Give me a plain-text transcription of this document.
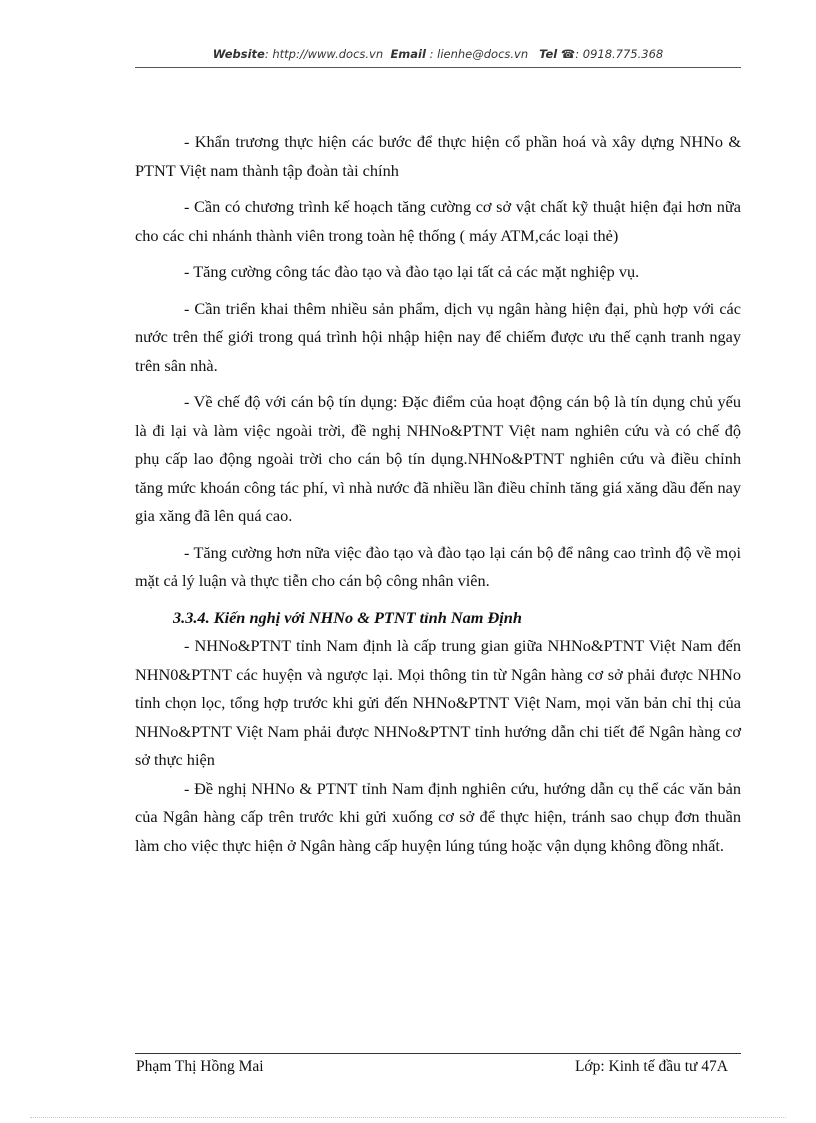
Website: http://www.docs.vn Email : lienhe@docs.vn Tel ☎: 0918.775.368

- Khẩn trương thực hiện các bước để thực hiện cổ phần hoá và xây dựng NHNo & PTNT Việt nam thành tập đoàn tài chính

- Cần có chương trình kế hoạch tăng cường cơ sở vật chất kỹ thuật hiện đại hơn nữa cho các chi nhánh thành viên trong toàn hệ thống ( máy ATM,các loại thẻ)

- Tăng cường công tác đào tạo và đào tạo lại tất cả các mặt nghiệp vụ.

- Cần triển khai thêm nhiều sản phẩm, dịch vụ ngân hàng hiện đại, phù hợp với các nước trên thế giới trong quá trình hội nhập hiện nay để chiếm được ưu thế cạnh tranh ngay trên sân nhà.

- Về chế độ với cán bộ tín dụng: Đặc điểm của hoạt động cán bộ là tín dụng chủ yếu là đi lại và làm việc ngoài trời, đề nghị NHNo&PTNT Việt nam nghiên cứu và có chế độ phụ cấp lao động ngoài trời cho cán bộ tín dụng.NHNo&PTNT nghiên cứu và điều chỉnh tăng mức khoán công tác phí, vì nhà nước đã nhiều lần điều chỉnh tăng giá xăng dầu đến nay gia xăng đã lên quá cao.

- Tăng cường hơn nữa việc đào tạo và đào tạo lại cán bộ để nâng cao trình độ về mọi mặt cả lý luận và thực tiễn cho cán bộ công nhân viên.

3.3.4. Kiến nghị với NHNo & PTNT tỉnh Nam Định

- NHNo&PTNT tỉnh Nam định là cấp trung gian giữa NHNo&PTNT Việt Nam đến NHN0&PTNT các huyện và ngược lại. Mọi thông tin từ Ngân hàng cơ sở phải được NHNo tỉnh chọn lọc, tổng hợp trước khi gửi đến NHNo&PTNT Việt Nam, mọi văn bản chỉ thị của NHNo&PTNT Việt Nam phải được NHNo&PTNT tỉnh hướng dẫn chi tiết để Ngân hàng cơ sở thực hiện

- Đề nghị NHNo & PTNT tỉnh Nam định nghiên cứu, hướng dẫn cụ thể các văn bản của Ngân hàng cấp trên trước khi gửi xuống cơ sở để thực hiện, tránh sao chụp đơn thuần làm cho việc thực hiện ở Ngân hàng cấp huyện lúng túng hoặc vận dụng không đồng nhất.

Phạm Thị Hồng Mai	Lớp: Kinh tế đầu tư 47A
